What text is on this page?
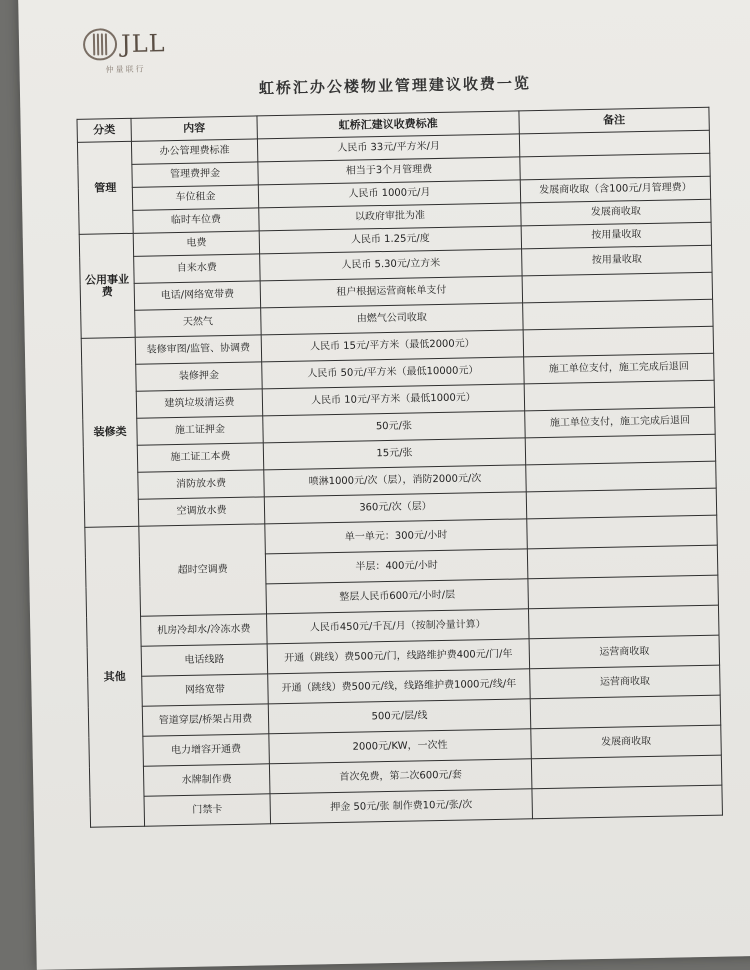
JLL
仲量联行
虹桥汇办公楼物业管理建议收费一览
分类	内容	虹桥汇建议收费标准	备注
管理	办公管理费标准	人民币 33元/平方米/月	
	管理费押金	相当于3个月管理费	
	车位租金	人民币 1000元/月	发展商收取（含100元/月管理费）
	临时车位费	以政府审批为准	发展商收取
公用事业费	电费	人民币 1.25元/度	按用量收取
	自来水费	人民币 5.30元/立方米	按用量收取
	电话/网络宽带费	租户根据运营商帐单支付	
	天然气	由燃气公司收取	
装修类	装修审图/监管、协调费	人民币 15元/平方米（最低2000元）	
	装修押金	人民币 50元/平方米（最低10000元）	施工单位支付，施工完成后退回
	建筑垃圾清运费	人民币 10元/平方米（最低1000元）	
	施工证押金	50元/张	施工单位支付，施工完成后退回
	施工证工本费	15元/张	
	消防放水费	喷淋1000元/次（层），消防2000元/次	
	空调放水费	360元/次（层）	
其他	超时空调费	单一单元：300元/小时	
		半层：400元/小时	
		整层人民币600元/小时/层	
	机房冷却水/冷冻水费	人民币450元/千瓦/月（按制冷量计算）	
	电话线路	开通（跳线）费500元/门，线路维护费400元/门/年	运营商收取
	网络宽带	开通（跳线）费500元/线，线路维护费1000元/线/年	运营商收取
	管道穿层/桥架占用费	500元/层/线	
	电力增容开通费	2000元/KW，一次性	发展商收取
	水牌制作费	首次免费，第二次600元/套	
	门禁卡	押金 50元/张 制作费10元/张/次	
